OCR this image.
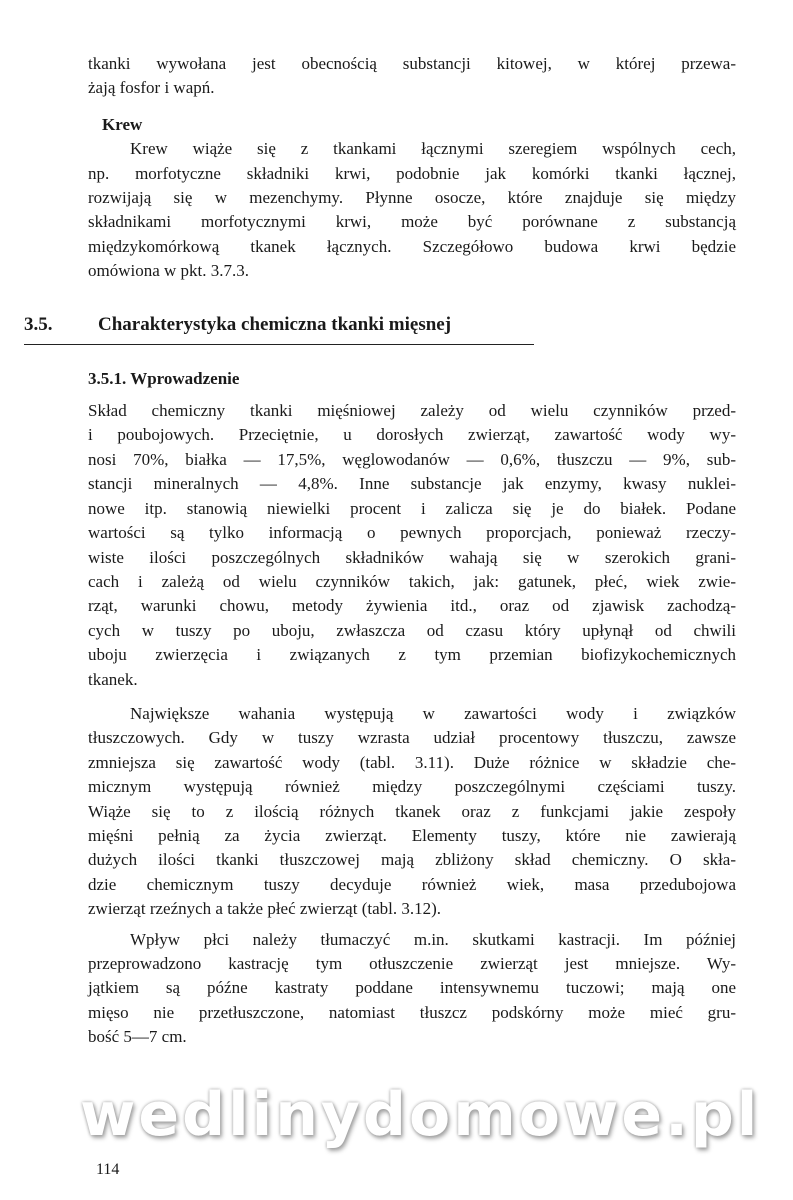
tkanki wywołana jest obecnością substancji kitowej, w której przewa-
żają fosfor i wapń.
Krew
Krew wiąże się z tkankami łącznymi szeregiem wspólnych cech,
np. morfotyczne składniki krwi, podobnie jak komórki tkanki łącznej,
rozwijają się w mezenchymy. Płynne osocze, które znajduje się między
składnikami morfotycznymi krwi, może być porównane z substancją
międzykomórkową tkanek łącznych. Szczegółowo budowa krwi będzie
omówiona w pkt. 3.7.3.
3.5. Charakterystyka chemiczna tkanki mięsnej
3.5.1. Wprowadzenie
Skład chemiczny tkanki mięśniowej zależy od wielu czynników przed-
i poubojowych. Przeciętnie, u dorosłych zwierząt, zawartość wody wy-
nosi 70%, białka — 17,5%, węglowodanów — 0,6%, tłuszczu — 9%, sub-
stancji mineralnych — 4,8%. Inne substancje jak enzymy, kwasy nuklei-
nowe itp. stanowią niewielki procent i zalicza się je do białek. Podane
wartości są tylko informacją o pewnych proporcjach, ponieważ rzeczy-
wiste ilości poszczególnych składników wahają się w szerokich grani-
cach i zależą od wielu czynników takich, jak: gatunek, płeć, wiek zwie-
rząt, warunki chowu, metody żywienia itd., oraz od zjawisk zachodzą-
cych w tuszy po uboju, zwłaszcza od czasu który upłynął od chwili
uboju zwierzęcia i związanych z tym przemian biofizykochemicznych
tkanek.
Największe wahania występują w zawartości wody i związków
tłuszczowych. Gdy w tuszy wzrasta udział procentowy tłuszczu, zawsze
zmniejsza się zawartość wody (tabl. 3.11). Duże różnice w składzie che-
micznym występują również między poszczególnymi częściami tuszy.
Wiąże się to z ilością różnych tkanek oraz z funkcjami jakie zespoły
mięśni pełnią za życia zwierząt. Elementy tuszy, które nie zawierają
dużych ilości tkanki tłuszczowej mają zbliżony skład chemiczny. O skła-
dzie chemicznym tuszy decyduje również wiek, masa przedubojowa
zwierząt rzeźnych a także płeć zwierząt (tabl. 3.12).
Wpływ płci należy tłumaczyć m.in. skutkami kastracji. Im później
przeprowadzono kastrację tym otłuszczenie zwierząt jest mniejsze. Wy-
jątkiem są późne kastraty poddane intensywnemu tuczowi; mają one
mięso nie przetłuszczone, natomiast tłuszcz podskórny może mieć gru-
bość 5—7 cm.
wedlinydomowe.pl
114
